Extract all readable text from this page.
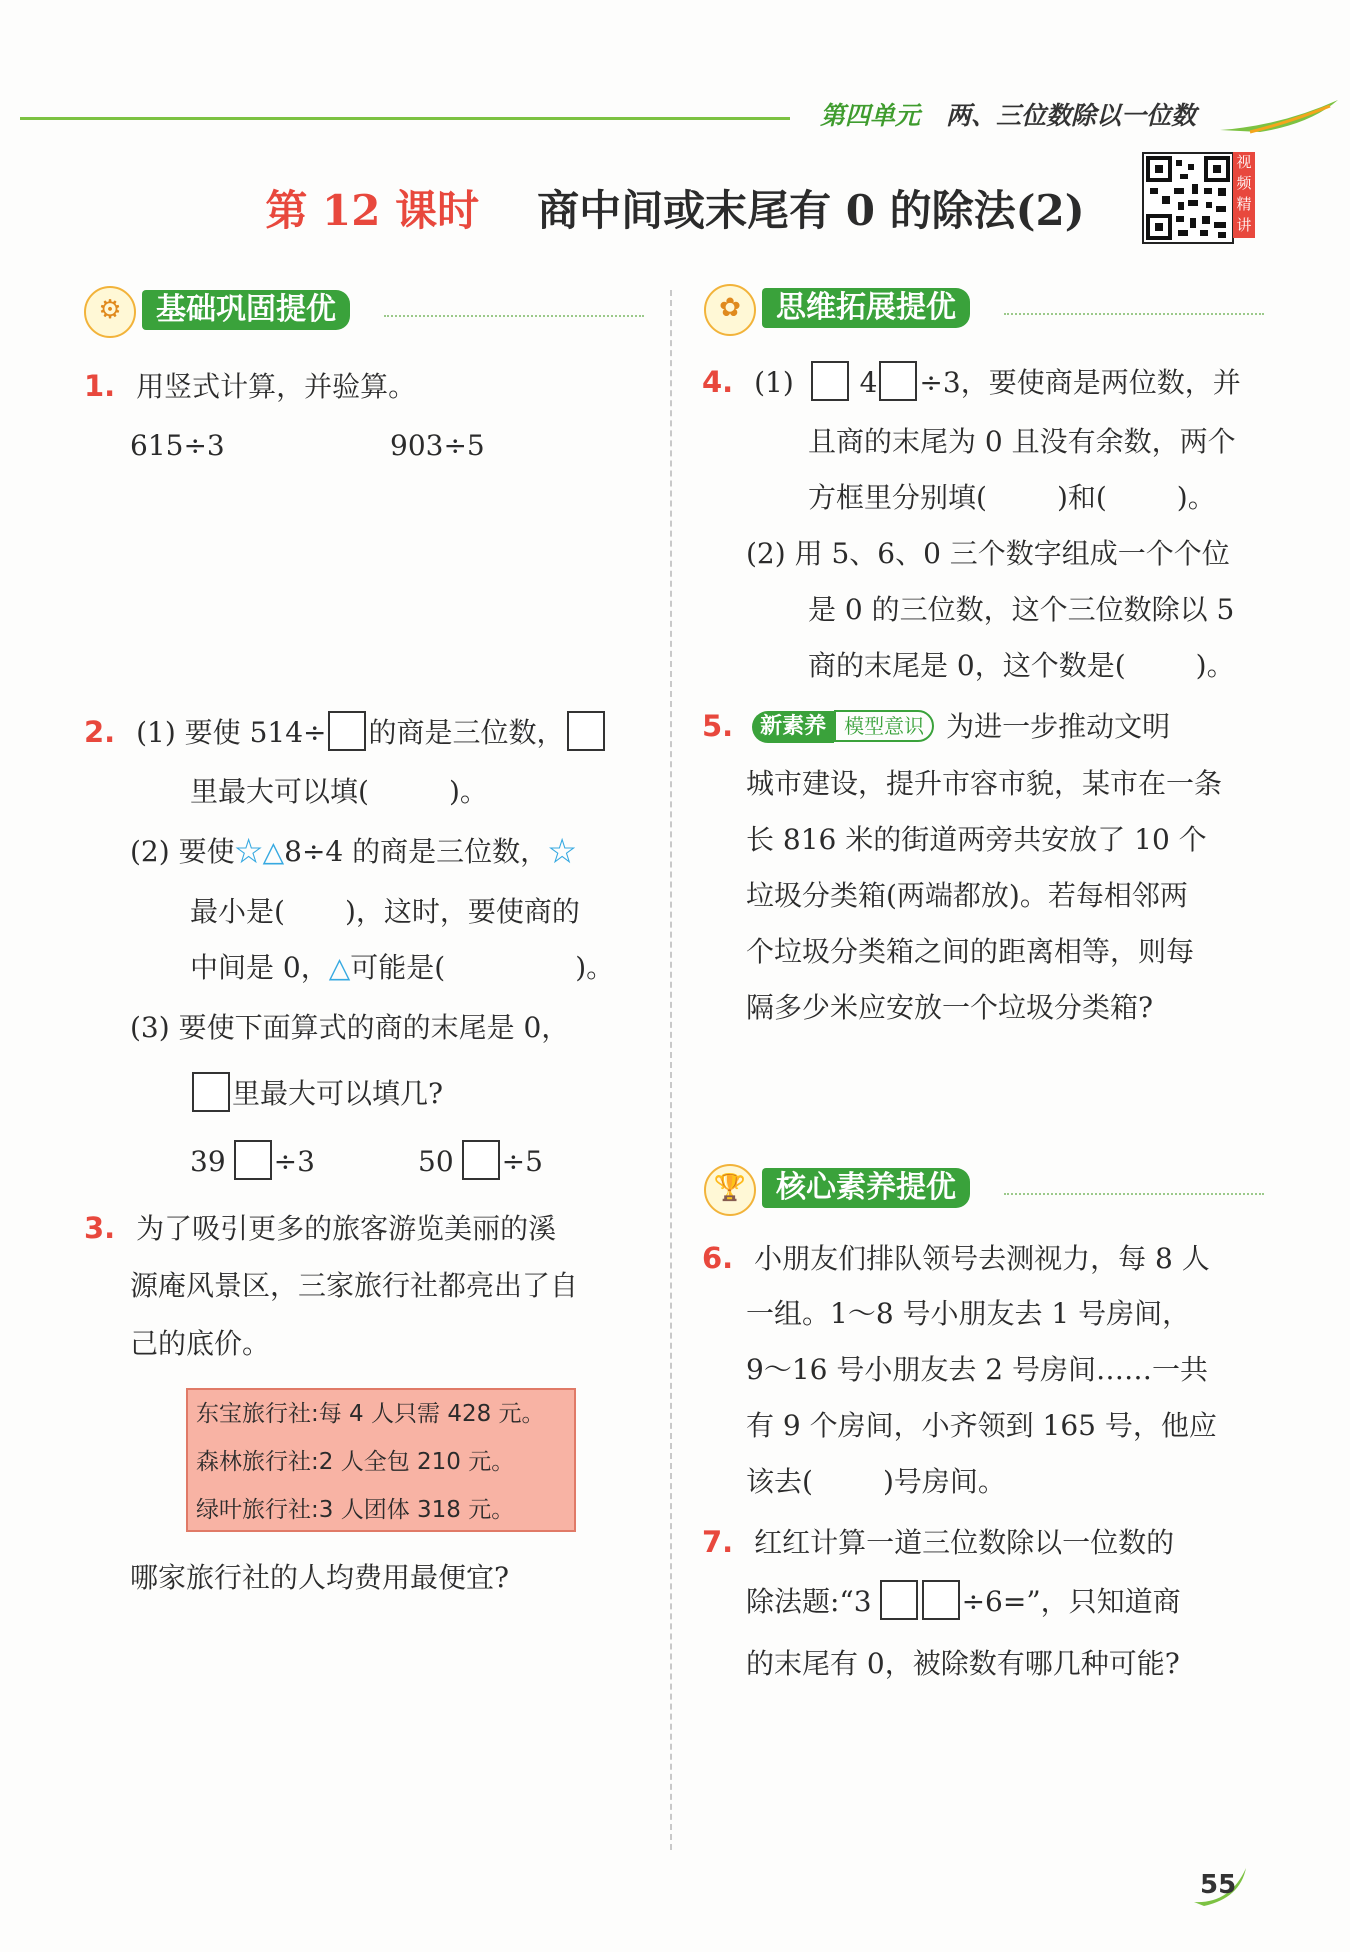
第四单元 两、三位数除以一位数
第 12 课时 商中间或末尾有 0 的除法(2)
视频精讲
⚙	基础巩固提优	✿	思维拓展提优
1. 用竖式计算，并验算。
615÷3	903÷5
2. (1) 要使 514÷ 的商是三位数，
里最大可以填(	)。
(2) 要使☆△8÷4 的商是三位数，☆
最小是( )，这时，要使商的
中间是 0，△可能是(	)。
(3) 要使下面算式的商的末尾是 0，
里最大可以填几?
39 ÷3	50 ÷5
3. 为了吸引更多的旅客游览美丽的溪
源庵风景区，三家旅行社都亮出了自
己的底价。
东宝旅行社:每 4 人只需 428 元。
森林旅行社:2 人全包 210 元。
绿叶旅行社:3 人团体 318 元。
哪家旅行社的人均费用最便宜?
4. (1) 4 ÷3，要使商是两位数，并
且商的末尾为 0 且没有余数，两个
方框里分别填(	)和(	)。
(2) 用 5、6、0 三个数字组成一个个位
是 0 的三位数，这个三位数除以 5
商的末尾是 0，这个数是(	)。
5. 新素养 模型意识 为进一步推动文明
城市建设，提升市容市貌，某市在一条
长 816 米的街道两旁共安放了 10 个
垃圾分类箱(两端都放)。若每相邻两
个垃圾分类箱之间的距离相等，则每
隔多少米应安放一个垃圾分类箱?
🏆 核心素养提优
6. 小朋友们排队领号去测视力，每 8 人
一组。1～8 号小朋友去 1 号房间，
9～16 号小朋友去 2 号房间……一共
有 9 个房间，小齐领到 165 号，他应
该去(	)号房间。
7. 红红计算一道三位数除以一位数的
除法题:“3	÷6=”，只知道商
的末尾有 0，被除数有哪几种可能?
55
